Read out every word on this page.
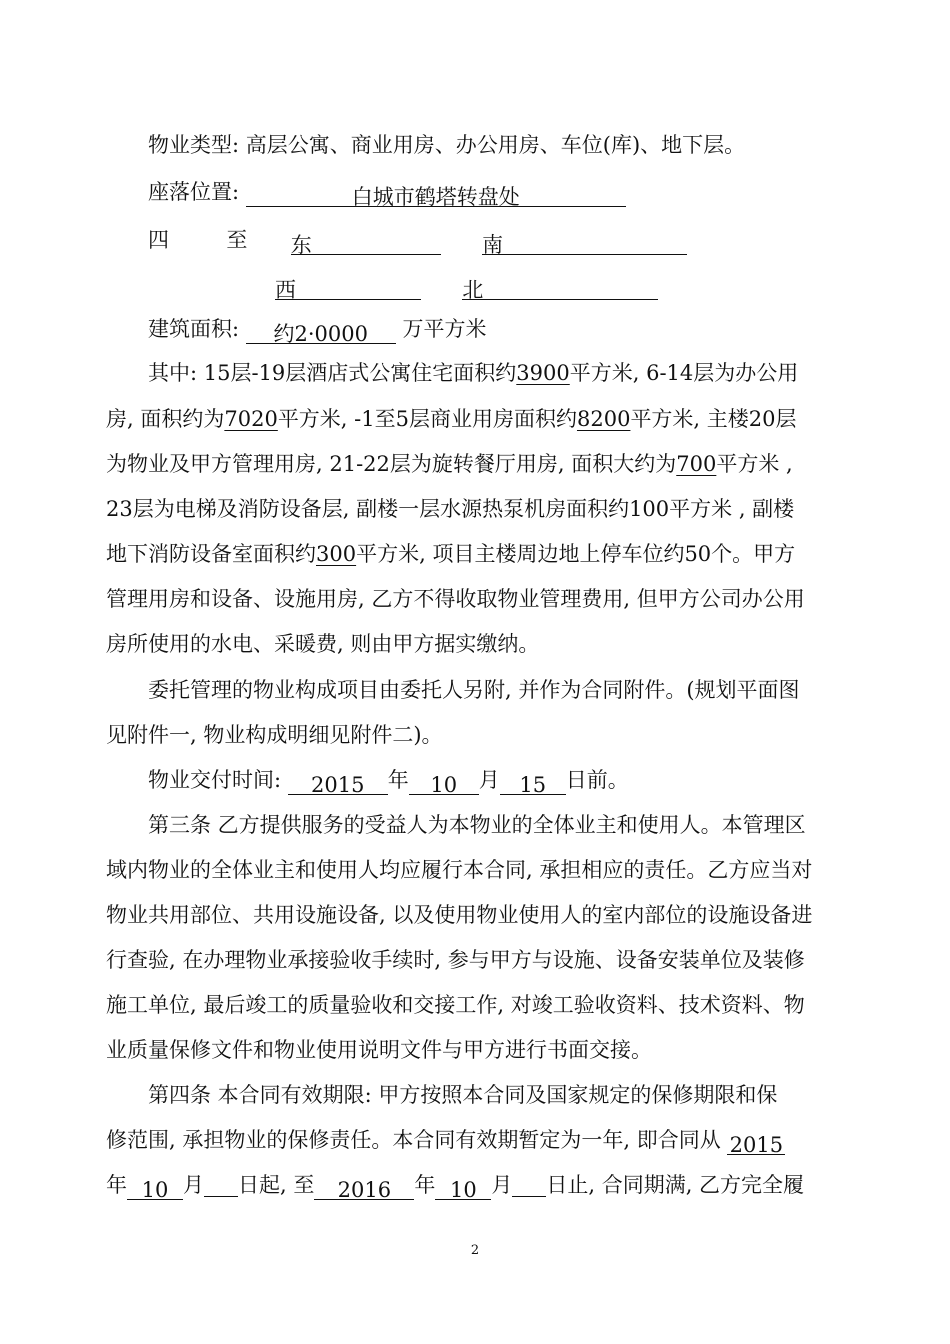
物业类型: 高层公寓、商业用房、办公用房、车位(库)、地下层。
座落位置:	白城市鹤塔转盘处
四	至 东	南
西	北
建筑面积: 约2·0000 万平方米
其中: 15层-19层酒店式公寓住宅面积约3900平方米, 6-14层为办公用
房, 面积约为7020平方米, -1至5层商业用房面积约8200平方米, 主楼20层
为物业及甲方管理用房, 21-22层为旋转餐厅用房, 面积大约为700平方米 ,
23层为电梯及消防设备层, 副楼一层水源热泵机房面积约100平方米 , 副楼
地下消防设备室面积约300平方米, 项目主楼周边地上停车位约50个。甲方
管理用房和设备、设施用房, 乙方不得收取物业管理费用, 但甲方公司办公用
房所使用的水电、采暖费, 则由甲方据实缴纳。
委托管理的物业构成项目由委托人另附, 并作为合同附件。(规划平面图
见附件一, 物业构成明细见附件二)。
物业交付时间: 2015 年 10 月 15 日前。
第三条 乙方提供服务的受益人为本物业的全体业主和使用人。本管理区
域内物业的全体业主和使用人均应履行本合同, 承担相应的责任。乙方应当对
物业共用部位、共用设施设备, 以及使用物业使用人的室内部位的设施设备进
行查验, 在办理物业承接验收手续时, 参与甲方与设施、设备安装单位及装修
施工单位, 最后竣工的质量验收和交接工作, 对竣工验收资料、技术资料、物
业质量保修文件和物业使用说明文件与甲方进行书面交接。
第四条 本合同有效期限: 甲方按照本合同及国家规定的保修期限和保
修范围, 承担物业的保修责任。本合同有效期暂定为一年, 即合同从 2015
年 10 月 日起, 至 2016 年 10 月 日止, 合同期满, 乙方完全履
2
